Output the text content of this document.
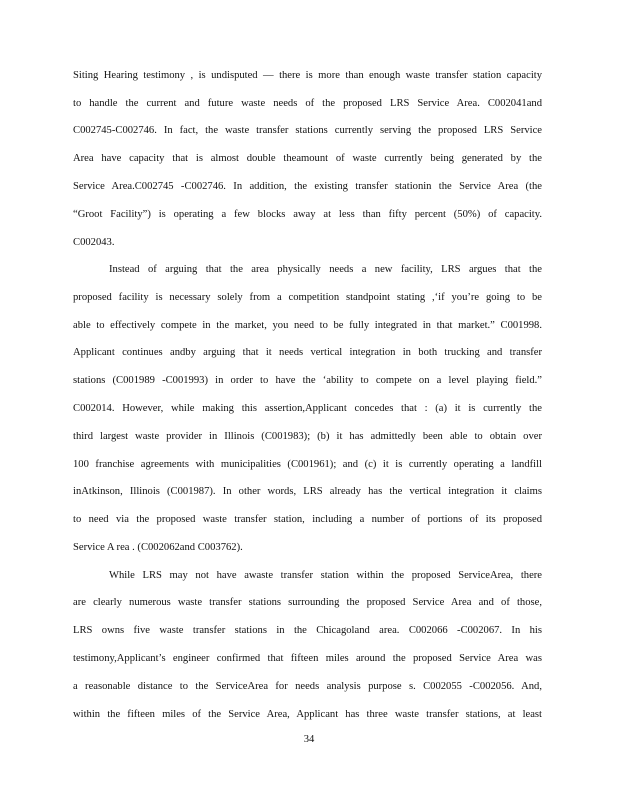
Siting Hearing testimony , is undisputed — there is more than enough waste transfer station capacity
to handle the current and future waste needs of the proposed LRS Service Area. C002041and
C002745-C002746. In fact, the waste transfer stations currently serving the proposed LRS Service
Area have capacity that is almost double theamount of waste currently being generated by the
Service Area.C002745 -C002746. In addition, the existing transfer stationin the Service Area (the
“Groot Facility”) is operating a few blocks away at less than fifty percent (50%) of capacity.
C002043.
Instead of arguing that the area physically needs a new facility, LRS argues that the
proposed facility is necessary solely from a competition standpoint stating ,‘if you’re going to be
able to effectively compete in the market, you need to be fully integrated in that market.” C001998.
Applicant continues andby arguing that it needs vertical integration in both trucking and transfer
stations (C001989 -C001993) in order to have the ‘ability to compete on a level playing field.”
C002014. However, while making this assertion,Applicant concedes that : (a) it is currently the
third largest waste provider in Illinois (C001983); (b) it has admittedly been able to obtain over
100 franchise agreements with municipalities (C001961); and (c) it is currently operating a landfill
inAtkinson, Illinois (C001987). In other words, LRS already has the vertical integration it claims
to need via the proposed waste transfer station, including a number of portions of its proposed
Service A rea . (C002062and C003762).
While LRS may not have awaste transfer station within the proposed ServiceArea, there
are clearly numerous waste transfer stations surrounding the proposed Service Area and of those,
LRS owns five waste transfer stations in the Chicagoland area. C002066 -C002067. In his
testimony,Applicant’s engineer confirmed that fifteen miles around the proposed Service Area was
a reasonable distance to the ServiceArea for needs analysis purpose s. C002055 -C002056. And,
within the fifteen miles of the Service Area, Applicant has three waste transfer stations, at least
34
